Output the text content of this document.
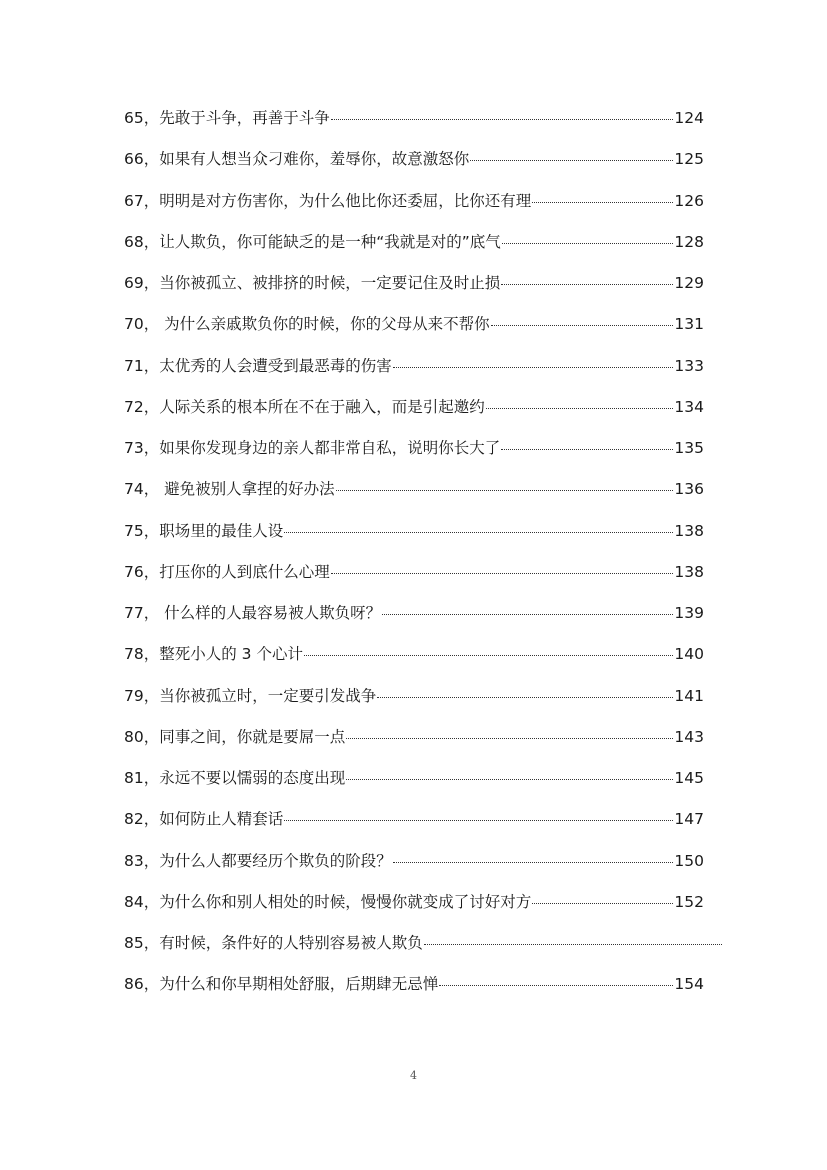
65，先敢于斗争，再善于斗争	124
66，如果有人想当众刁难你，羞辱你，故意激怒你	125
67，明明是对方伤害你，为什么他比你还委屈，比你还有理	126
68，让人欺负，你可能缺乏的是一种“我就是对的”底气	128
69，当你被孤立、被排挤的时候，一定要记住及时止损	129
70， 为什么亲戚欺负你的时候，你的父母从来不帮你	131
71，太优秀的人会遭受到最恶毒的伤害	133
72，人际关系的根本所在不在于融入，而是引起邀约	134
73，如果你发现身边的亲人都非常自私，说明你长大了	135
74， 避免被别人拿捏的好办法	136
75，职场里的最佳人设	138
76，打压你的人到底什么心理	138
77， 什么样的人最容易被人欺负呀？	139
78，整死小人的 3 个心计	140
79，当你被孤立时，一定要引发战争	141
80，同事之间，你就是要屌一点	143
81，永远不要以懦弱的态度出现	145
82，如何防止人精套话	147
83，为什么人都要经历个欺负的阶段？	150
84，为什么你和别人相处的时候，慢慢你就变成了讨好对方	152
85，有时候，条件好的人特别容易被人欺负
86，为什么和你早期相处舒服，后期肆无忌惮	154
4
